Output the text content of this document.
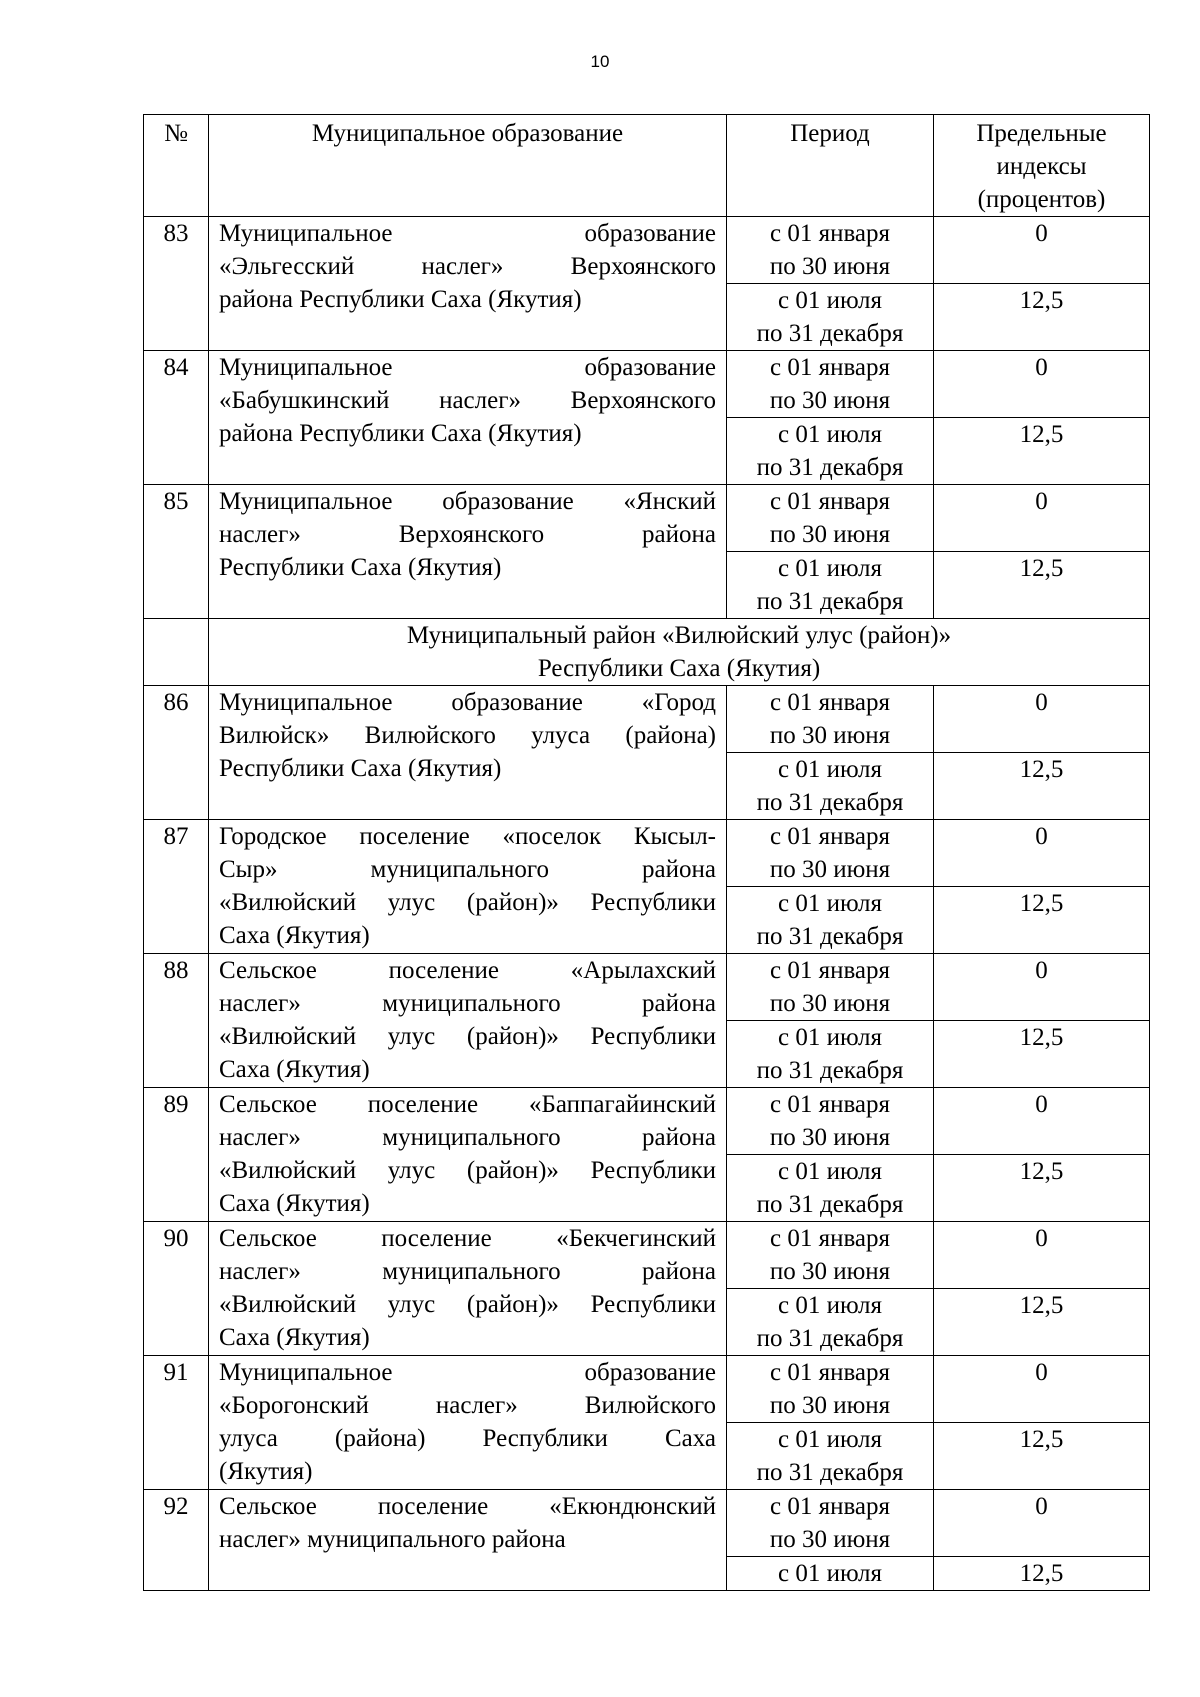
10
№	Муниципальное образование	Период	Предельные
индексы
(процентов)
83	Муниципальное образование
«Эльгесский наслег» Верхоянского
района Республики Саха (Якутия)	с 01 января
по 30 июня	0
		с 01 июля
по 31 декабря	12,5
84	Муниципальное образование
«Бабушкинский наслег» Верхоянского
района Республики Саха (Якутия)	с 01 января
по 30 июня	0
		с 01 июля
по 31 декабря	12,5
85	Муниципальное образование «Янский
наслег» Верхоянского района
Республики Саха (Якутия)	с 01 января
по 30 июня	0
		с 01 июля
по 31 декабря	12,5
	Муниципальный район «Вилюйский улус (район)»
Республики Саха (Якутия)		
86	Муниципальное образование «Город
Вилюйск» Вилюйского улуса (района)
Республики Саха (Якутия)	с 01 января
по 30 июня	0
		с 01 июля
по 31 декабря	12,5
87	Городское поселение «поселок Кысыл-
Сыр» муниципального района
«Вилюйский улус (район)» Республики
Саха (Якутия)	с 01 января
по 30 июня	0
		с 01 июля
по 31 декабря	12,5
88	Сельское поселение «Арылахский
наслег» муниципального района
«Вилюйский улус (район)» Республики
Саха (Якутия)	с 01 января
по 30 июня	0
		с 01 июля
по 31 декабря	12,5
89	Сельское поселение «Баппагайинский
наслег» муниципального района
«Вилюйский улус (район)» Республики
Саха (Якутия)	с 01 января
по 30 июня	0
		с 01 июля
по 31 декабря	12,5
90	Сельское поселение «Бекчегинский
наслег» муниципального района
«Вилюйский улус (район)» Республики
Саха (Якутия)	с 01 января
по 30 июня	0
		с 01 июля
по 31 декабря	12,5
91	Муниципальное образование
«Борогонский наслег» Вилюйского
улуса (района) Республики Саха
(Якутия)	с 01 января
по 30 июня	0
		с 01 июля
по 31 декабря	12,5
92	Сельское поселение «Екюндюнский
наслег» муниципального района	с 01 января
по 30 июня	0
		с 01 июля	12,5
